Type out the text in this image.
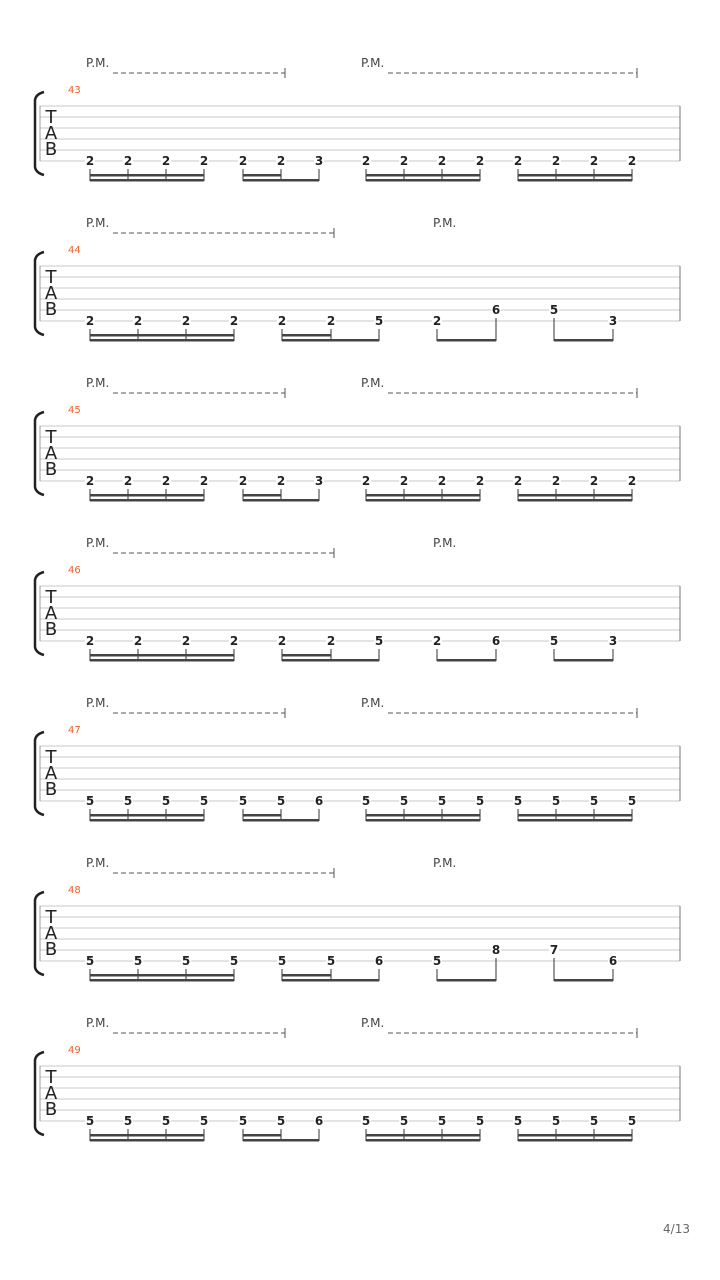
P.M.	P.M.
43
T
A
B
2 2 2 2	2 2 3	2 2 2 2 2 2 2 2
P.M.	P.M.
44
T
A
B
2	2	2	2	2	2	5	2
6	5
3
P.M.	P.M.
45
T
A
B
2 2 2 2	2 2 3	2 2 2 2 2 2 2 2
P.M.	P.M.
46
T
A
B
2	2	2	2	2	2	5	2	6	5	3
P.M.	P.M.
47
T
A
B
5 5 5 5	5 5 6	5 5 5 5 5 5 5 5
P.M.	P.M.
48
T
A
B
5	5	5	5	5	5	6	5
8	7
6
P.M.	P.M.
49
T
A
B
5 5 5 5	5 5 6	5 5 5 5 5 5 5 5
4/13
